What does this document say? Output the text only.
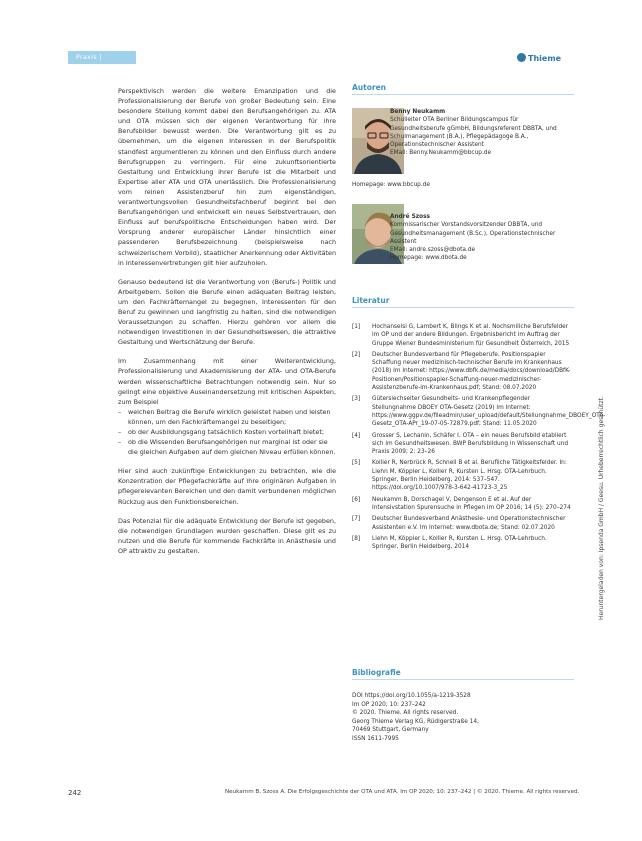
Praxis | Ausbildung
Thieme

Perspektivisch werden die weitere Emanzipation und die Professionalisierung der Berufe von großer Bedeutung sein. Eine besondere Stellung kommt dabei den Berufsangehörigen zu. ATA und OTA müssen sich der eigenen Verantwortung für ihre Berufsbilder bewusst werden. Die Verantwortung gilt es zu übernehmen, um die eigenen Interessen in der Berufspolitik standfest argumentieren zu können und den Einfluss durch andere Berufsgruppen zu verringern. Für eine zukunftsorientierte Gestaltung und Entwicklung ihrer Berufe ist die Mitarbeit und Expertise aller ATA und OTA unerlässlich. Die Professionalisierung vom reinen Assistenzberuf hin zum eigenständigen, verantwortungsvollen Gesundheitsfachberuf beginnt bei den Berufsangehörigen und entwickelt ein neues Selbstvertrauen, den Einfluss auf berufspolitische Entscheidungen haben wird. Der Vorsprung anderer europäischer Länder hinsichtlich einer passenderen Berufsbezeichnung (beispielsweise nach schweizerischem Vorbild), staatlicher Anerkennung oder Aktivitäten in Interessenvertretungen gilt hier aufzuholen.

Genauso bedeutend ist die Verantwortung von (Berufs-) Politik und Arbeitgebern. Sollen die Berufe einen adäquaten Beitrag leisten, um den Fachkräftemangel zu begegnen, Interessenten für den Beruf zu gewinnen und langfristig zu halten, sind die notwendigen Voraussetzungen zu schaffen. Hierzu gehören vor allem die notwendigen Investitionen in der Gesundheitswesen, die attraktive Gestaltung und Wertschätzung der Berufe.

Im Zusammenhang mit einer Weiterentwicklung, Professionalisierung und Akademisierung der ATA- und OTA-Berufe werden wissenschaftliche Betrachtungen notwendig sein. Nur so gelingt eine objektive Auseinandersetzung mit kritischen Aspekten, zum Beispiel

– welchen Beitrag die Berufe wirklich geleistet haben und leisten können, um den Fachkräftemangel zu beseitigen;
– ob der Ausbildungsgang tatsächlich Kosten vorteilhaft bietet;
– ob die Wissenden Berufsangehörigen nur marginal ist oder sie die gleichen Aufgaben auf dem gleichen Niveau erfüllen können.

Hier sind auch zukünftige Entwicklungen zu betrachten, wie die Konzentration der Pflegefachkräfte auf ihre originären Aufgaben in pflegerelevanten Bereichen und den damit verbundenen möglichen Rückzug aus den Funktionsbereichen.

Das Potenzial für die adäquate Entwicklung der Berufe ist gegeben, die notwendigen Grundlagen wurden geschaffen. Diese gilt es zu nutzen und die Berufe für kommende Fachkräfte in Anästhesie und OP attraktiv zu gestalten.

Autoren
Benny Neukamm
Schulleiter OTA Berliner Bildungscampus für Gesundheitsberufe gGmbH, Bildungsreferent DBBTA, und Schulmanagement (B.A.), Pflegepädagoge B.A., Operationstechnischer Assistent
EMail: Benny.Neukamm@bbcup.de
Homepage: www.bbcup.de
André Szoss
Kommissarischer Vorstandsvorsitzender DBBTA, und Gesundheitsmanagement (B.Sc.), Operationstechnischer Assistent
EMail: andre.szoss@dbota.de
Homepage: www.dbota.de
Literatur
[1] Hochanselsi G, Lambert K, Blings K et al. Nochsmiliche Berufsfelder im OP und der andere Bildungen. Ergebnisbericht im Auftrag der Gruppe Wiener Bundesministerium für Gesundheit Österreich, 2015
[2] Deutscher Bundesverband für Pflegeberufe. Positionspapier Schaffung neuer medizinisch-technischer Berufe im Krankenhaus (2018) Im Internet: https://www.dbfk.de/media/docs/download/DBfK-Positionen/Positionspapier-Schaffung-neuer-medizinischer-Assistenzberufe-im-Krankenhaus.pdf; Stand: 08.07.2020
[3] Gütersiechseiter Gesundheits- und Krankenpflegender Stellungnahme DBOEY OTA-Gesetz (2019) Im Internet: https://www.ggpv.de/fileadmin/user_upload/default/Stellungnahme_DBOEY_OTA-Gesetz_OTA-APr_19-07-05-72879.pdf; Stand: 11.05.2020
[4] Grosser S, Lechanin, Schäfer I. OTA – ein neues Berufsbild etabliert sich im Gesundheitswesen. BWP Berufsbildung in Wissenschaft und Praxis 2009; 2: 23–26
[5] Kollier R, Nerbrück R, Schnell B et al. Berufliche Tätigkeitsfelder. In: Liehn M, Köppler L, Kollier R, Kursten L. Hrsg. OTA-Lehrbuch. Springer, Berlin Heidelberg, 2014: 537–547. https://doi.org/10.1007/978-3-642-41723-3_25
[6] Neukamm B, Dorschagel V, Dengenson E et al. Auf der Intensivstation Spurensuche in Pflegen im OP 2016; 14 (5): 270–274
[7] Deutscher Bundesverband Anästhesie- und Operationstechnischer Assistenten e.V. Im Internet: www.dbota.de; Stand: 02.07.2020
[8] Liehn M, Köppler L, Kollier R, Kursten L. Hrsg. OTA-Lehrbuch. Springer, Berlin Heidelberg, 2014
Bibliografie
DOI https://doi.org/10.1055/a-1219-3528
Im OP 2020; 10: 237–242
© 2020. Thieme. All rights reserved.
Georg Thieme Verlag KG, Rüdigerstraße 14,
70469 Stuttgart, Germany
ISSN 1611-7995
Heruntergeladen von: Ipsenda GmbH / Geesu. Urheberrechtlich geschützt.
242	Neukamm B, Szoss A. Die Erfolgsgeschichte der OTA und ATA. Im OP 2020; 10: 237–242 | © 2020. Thieme. All rights reserved.
